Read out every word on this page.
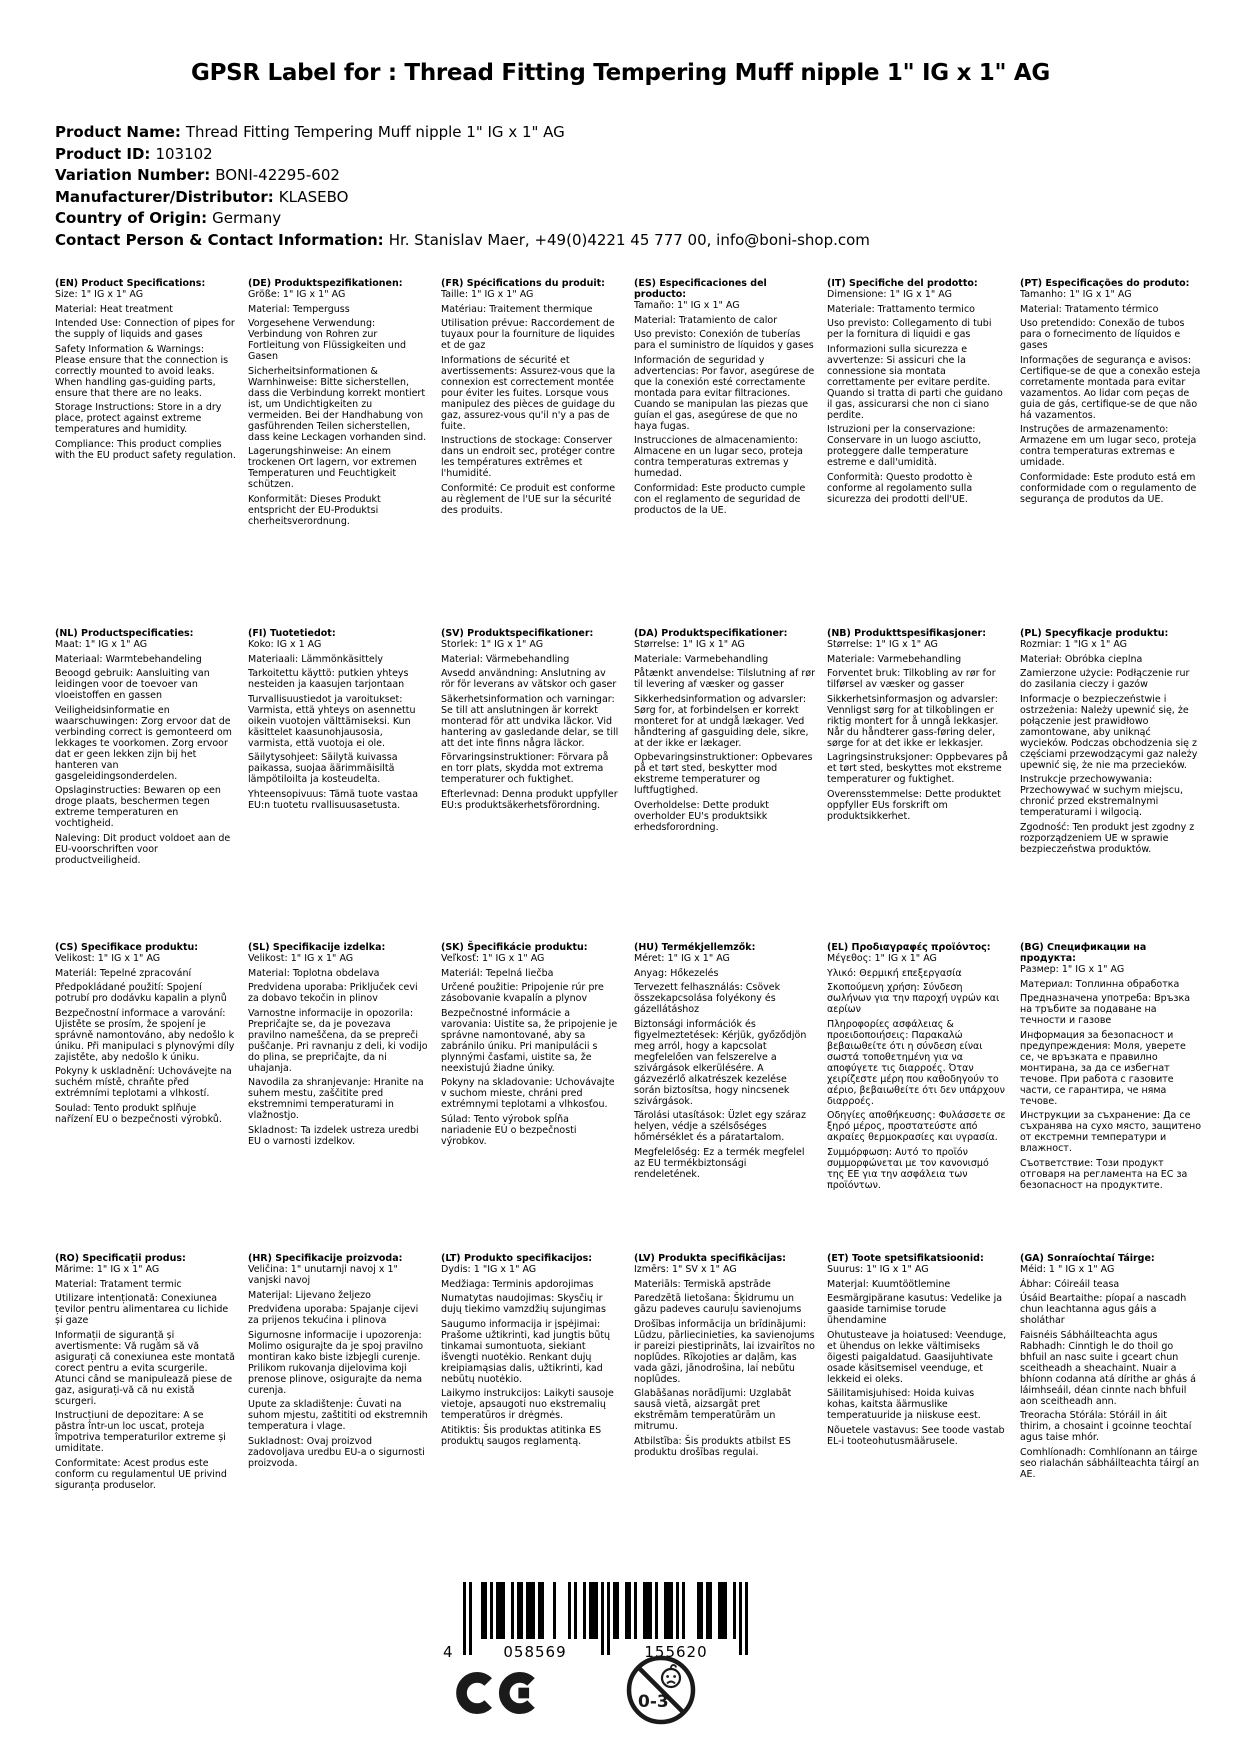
GPSR Label for : Thread Fitting Tempering Muff nipple 1" IG x 1" AG
Product Name: Thread Fitting Tempering Muff nipple 1" IG x 1" AG
Product ID: 103102
Variation Number: BONI-42295-602
Manufacturer/Distributor: KLASEBO
Country of Origin: Germany
Contact Person & Contact Information: Hr. Stanislav Maer, +49(0)4221 45 777 00, info@boni-shop.com
(EN) Product Specifications:

Size: 1" IG x 1" AG

Material: Heat treatment

Intended Use: Connection of pipes for the supply of liquids and gases

Safety Information & Warnings: Please ensure that the connection is correctly mounted to avoid leaks. When handling gas-guiding parts, ensure that there are no leaks.

Storage Instructions: Store in a dry place, protect against extreme temperatures and humidity.

Compliance: This product complies with the EU product safety regulation.

(DE) Produktspezifikationen:

Größe: 1" IG x 1" AG

Material: Temperguss

Vorgesehene Verwendung: Verbindung von Rohren zur Fortleitung von Flüssigkeiten und Gasen

Sicherheitsinformationen & Warnhinweise: Bitte sicherstellen, dass die Verbindung korrekt montiert ist, um Undichtigkeiten zu vermeiden. Bei der Handhabung von gasführenden Teilen sicherstellen, dass keine Leckagen vorhanden sind.

Lagerungshinweise: An einem trockenen Ort lagern, vor extremen Temperaturen und Feuchtigkeit schützen.

Konformität: Dieses Produkt entspricht der EU-Produktsi cherheitsverordnung.

(FR) Spécifications du produit:

Taille: 1" IG x 1" AG

Matériau: Traitement thermique

Utilisation prévue: Raccordement de tuyaux pour la fourniture de liquides et de gaz

Informations de sécurité et avertissements: Assurez-vous que la connexion est correctement montée pour éviter les fuites. Lorsque vous manipulez des pièces de guidage du gaz, assurez-vous qu'il n'y a pas de fuite.

Instructions de stockage: Conserver dans un endroit sec, protéger contre les températures extrêmes et l'humidité.

Conformité: Ce produit est conforme au règlement de l'UE sur la sécurité des produits.

(ES) Especificaciones del producto:

Tamaño: 1" IG x 1" AG

Material: Tratamiento de calor

Uso previsto: Conexión de tuberías para el suministro de líquidos y gases

Información de seguridad y advertencias: Por favor, asegúrese de que la conexión esté correctamente montada para evitar filtraciones. Cuando se manipulan las piezas que guían el gas, asegúrese de que no haya fugas.

Instrucciones de almacenamiento: Almacene en un lugar seco, proteja contra temperaturas extremas y humedad.

Conformidad: Este producto cumple con el reglamento de seguridad de productos de la UE.

(IT) Specifiche del prodotto:

Dimensione: 1" IG x 1" AG

Materiale: Trattamento termico

Uso previsto: Collegamento di tubi per la fornitura di liquidi e gas

Informazioni sulla sicurezza e avvertenze: Si assicuri che la connessione sia montata correttamente per evitare perdite. Quando si tratta di parti che guidano il gas, assicurarsi che non ci siano perdite.

Istruzioni per la conservazione: Conservare in un luogo asciutto, proteggere dalle temperature estreme e dall'umidità.

Conformità: Questo prodotto è conforme al regolamento sulla sicurezza dei prodotti dell'UE.

(PT) Especificações do produto:

Tamanho: 1" IG x 1" AG

Material: Tratamento térmico

Uso pretendido: Conexão de tubos para o fornecimento de líquidos e gases

Informações de segurança e avisos: Certifique-se de que a conexão esteja corretamente montada para evitar vazamentos. Ao lidar com peças de guia de gás, certifique-se de que não há vazamentos.

Instruções de armazenamento: Armazene em um lugar seco, proteja contra temperaturas extremas e umidade.

Conformidade: Este produto está em conformidade com o regulamento de segurança de produtos da UE.

(NL) Productspecificaties:

Maat: 1" IG x 1" AG

Materiaal: Warmtebehandeling

Beoogd gebruik: Aansluiting van leidingen voor de toevoer van vloeistoffen en gassen

Veiligheidsinformatie en waarschuwingen: Zorg ervoor dat de verbinding correct is gemonteerd om lekkages te voorkomen. Zorg ervoor dat er geen lekken zijn bij het hanteren van gasgeleidingsonderdelen.

Opslaginstructies: Bewaren op een droge plaats, beschermen tegen extreme temperaturen en vochtigheid.

Naleving: Dit product voldoet aan de EU-voorschriften voor productveiligheid.

(FI) Tuotetiedot:

Koko: IG x 1 AG

Materiaali: Lämmönkäsittely

Tarkoitettu käyttö: putkien yhteys nesteiden ja kaasujen tarjontaan

Turvallisuustiedot ja varoitukset: Varmista, että yhteys on asennettu oikein vuotojen välttämiseksi. Kun käsittelet kaasunohjausosia, varmista, että vuotoja ei ole.

Säilytysohjeet: Säilytä kuivassa paikassa, suojaa äärimmäisiltä lämpötiloilta ja kosteudelta.

Yhteensopivuus: Tämä tuote vastaa EU:n tuotetu rvallisuusasetusta.

(SV) Produktspecifikationer:

Storlek: 1" IG x 1" AG

Material: Värmebehandling

Avsedd användning: Anslutning av rör för leverans av vätskor och gaser

Säkerhetsinformation och varningar: Se till att anslutningen är korrekt monterad för att undvika läckor. Vid hantering av gasledande delar, se till att det inte finns några läckor.

Förvaringsinstruktioner: Förvara på en torr plats, skydda mot extrema temperaturer och fuktighet.

Efterlevnad: Denna produkt uppfyller EU:s produktsäkerhetsförordning.

(DA) Produktspecifikationer:

Størrelse: 1" IG x 1" AG

Materiale: Varmebehandling

Påtænkt anvendelse: Tilslutning af rør til levering af væsker og gasser

Sikkerhedsinformation og advarsler: Sørg for, at forbindelsen er korrekt monteret for at undgå lækager. Ved håndtering af gasguiding dele, sikre, at der ikke er lækager.

Opbevaringsinstruktioner: Opbevares på et tørt sted, beskytter mod ekstreme temperaturer og luftfugtighed.

Overholdelse: Dette produkt overholder EU's produktsikk erhedsforordning.

(NB) Produkttspesifikasjoner:

Størrelse: 1" IG x 1" AG

Materiale: Varmebehandling

Forventet bruk: Tilkobling av rør for tilførsel av væsker og gasser

Sikkerhetsinformasjon og advarsler: Vennligst sørg for at tilkoblingen er riktig montert for å unngå lekkasjer. Når du håndterer gass-føring deler, sørge for at det ikke er lekkasjer.

Lagringsinstruksjoner: Oppbevares på et tørt sted, beskyttes mot ekstreme temperaturer og fuktighet.

Overensstemmelse: Dette produktet oppfyller EUs forskrift om produktsikkerhet.

(PL) Specyfikacje produktu:

Rozmiar: 1 "IG x 1" AG

Materiał: Obróbka cieplna

Zamierzone użycie: Podłączenie rur do zasilania cieczy i gazów

Informacje o bezpieczeństwie i ostrzeżenia: Należy upewnić się, że połączenie jest prawidłowo zamontowane, aby uniknąć wycieków. Podczas obchodzenia się z częściami przewodzącymi gaz należy upewnić się, że nie ma przecieków.

Instrukcje przechowywania: Przechowywać w suchym miejscu, chronić przed ekstremalnymi temperaturami i wilgocią.

Zgodność: Ten produkt jest zgodny z rozporządzeniem UE w sprawie bezpieczeństwa produktów.

(CS) Specifikace produktu:

Velikost: 1" IG x 1" AG

Materiál: Tepelné zpracování

Předpokládané použití: Spojení potrubí pro dodávku kapalin a plynů

Bezpečnostní informace a varování: Ujistěte se prosím, že spojení je správně namontováno, aby nedošlo k úniku. Při manipulaci s plynovými díly zajistěte, aby nedošlo k úniku.

Pokyny k uskladnění: Uchovávejte na suchém místě, chraňte před extrémními teplotami a vlhkostí.

Soulad: Tento produkt splňuje nařízení EU o bezpečnosti výrobků.

(SL) Specifikacije izdelka:

Velikost: 1" IG x 1" AG

Material: Toplotna obdelava

Predvidena uporaba: Priključek cevi za dobavo tekočin in plinov

Varnostne informacije in opozorila: Prepričajte se, da je povezava pravilno nameščena, da se prepreči puščanje. Pri ravnanju z deli, ki vodijo do plina, se prepričajte, da ni uhajanja.

Navodila za shranjevanje: Hranite na suhem mestu, zaščitite pred ekstremnimi temperaturami in vlažnostjo.

Skladnost: Ta izdelek ustreza uredbi EU o varnosti izdelkov.

(SK) Špecifikácie produktu:

Veľkosť: 1" IG x 1" AG

Materiál: Tepelná liečba

Určené použitie: Pripojenie rúr pre zásobovanie kvapalín a plynov

Bezpečnostné informácie a varovania: Uistite sa, že pripojenie je správne namontované, aby sa zabránilo úniku. Pri manipulácii s plynnými časťami, uistite sa, že neexistujú žiadne úniky.

Pokyny na skladovanie: Uchovávajte v suchom mieste, chráni pred extrémnymi teplotami a vlhkosťou.

Súlad: Tento výrobok spĺňa nariadenie EÚ o bezpečnosti výrobkov.

(HU) Termékjellemzők:

Méret: 1" IG x 1" AG

Anyag: Hőkezelés

Tervezett felhasználás: Csövek összekapcsolása folyékony és gázellátáshoz

Biztonsági információk és figyelmeztetések: Kérjük, győződjön meg arról, hogy a kapcsolat megfelelően van felszerelve a szivárgások elkerülésére. A gázvezérlő alkatrészek kezelése során biztosítsa, hogy nincsenek szivárgások.

Tárolási utasítások: Üzlet egy száraz helyen, védje a szélsőséges hőmérséklet és a páratartalom.

Megfelelőség: Ez a termék megfelel az EU termékbiztonsági rendeletének.

(EL) Προδιαγραφές προϊόντος:

Μέγεθος: 1" IG x 1" AG

Υλικό: Θερμική επεξεργασία

Σκοπούμενη χρήση: Σύνδεση σωλήνων για την παροχή υγρών και αερίων

Πληροφορίες ασφάλειας & προειδοποιήσεις: Παρακαλώ βεβαιωθείτε ότι η σύνδεση είναι σωστά τοποθετημένη για να αποφύγετε τις διαρροές. Όταν χειρίζεστε μέρη που καθοδηγούν το αέριο, βεβαιωθείτε ότι δεν υπάρχουν διαρροές.

Οδηγίες αποθήκευσης: Φυλάσσετε σε ξηρό μέρος, προστατεύστε από ακραίες θερμοκρασίες και υγρασία.

Συμμόρφωση: Αυτό το προϊόν συμμορφώνεται με τον κανονισμό της ΕΕ για την ασφάλεια των προϊόντων.

(BG) Спецификации на продукта:

Размер: 1" IG x 1" AG

Материал: Топлинна обработка

Предназначена употреба: Връзка на тръбите за подаване на течности и газове

Информация за безопасност и предупреждения: Моля, уверете се, че връзката е правилно монтирана, за да се избегнат течове. При работа с газовите части, се гарантира, че няма течове.

Инструкции за съхранение: Да се съхранява на сухо място, защитено от екстремни температури и влажност.

Съответствие: Този продукт отговаря на регламента на ЕС за безопасност на продуктите.

(RO) Specificații produs:

Mărime: 1" IG x 1" AG

Material: Tratament termic

Utilizare intenționată: Conexiunea țevilor pentru alimentarea cu lichide și gaze

Informații de siguranță și avertismente: Vă rugăm să vă asigurați că conexiunea este montată corect pentru a evita scurgerile. Atunci când se manipulează piese de gaz, asigurați-vă că nu există scurgeri.

Instrucțiuni de depozitare: A se păstra într-un loc uscat, proteja împotriva temperaturilor extreme și umiditate.

Conformitate: Acest produs este conform cu regulamentul UE privind siguranța produselor.

(HR) Specifikacije proizvoda:

Veličina: 1" unutarnji navoj x 1" vanjski navoj

Materijal: Lijevano željezo

Predviđena uporaba: Spajanje cijevi za prijenos tekućina i plinova

Sigurnosne informacije i upozorenja: Molimo osigurajte da je spoj pravilno montiran kako biste izbjegli curenje. Prilikom rukovanja dijelovima koji prenose plinove, osigurajte da nema curenja.

Upute za skladištenje: Čuvati na suhom mjestu, zaštititi od ekstremnih temperatura i vlage.

Sukladnost: Ovaj proizvod zadovoljava uredbu EU-a o sigurnosti proizvoda.

(LT) Produkto specifikacijos:

Dydis: 1 "IG x 1" AG

Medžiaga: Terminis apdorojimas

Numatytas naudojimas: Skysčių ir dujų tiekimo vamzdžių sujungimas

Saugumo informacija ir įspėjimai: Prašome užtikrinti, kad jungtis būtų tinkamai sumontuota, siekiant išvengti nuotėkio. Renkant dujų kreipiamąsias dalis, užtikrinti, kad nebūtų nuotėkio.

Laikymo instrukcijos: Laikyti sausoje vietoje, apsaugoti nuo ekstremalių temperatūros ir drėgmės.

Atitiktis: Šis produktas atitinka ES produktų saugos reglamentą.

(LV) Produkta specifikācijas:

Izmērs: 1" SV x 1" AG

Materiāls: Termiskā apstrāde

Paredzētā lietošana: Šķidrumu un gāzu padeves cauruļu savienojums

Drošības informācija un brīdinājumi: Lūdzu, pārliecinieties, ka savienojums ir pareizi piestiprināts, lai izvairītos no noplūdes. Rīkojoties ar daļām, kas vada gāzi, jānodrošina, lai nebūtu noplūdes.

Glabāšanas norādījumi: Uzglabāt sausā vietā, aizsargāt pret ekstrēmām temperatūrām un mitrumu.

Atbilstība: Šis produkts atbilst ES produktu drošības regulai.

(ET) Toote spetsifikatsioonid:

Suurus: 1" IG x 1" AG

Materjal: Kuumtöötlemine

Eesmärgipärane kasutus: Vedelike ja gaaside tarnimise torude ühendamine

Ohutusteave ja hoiatused: Veenduge, et ühendus on lekke vältimiseks õigesti paigaldatud. Gaasijuhtivate osade käsitsemisel veenduge, et lekkeid ei oleks.

Säilitamisjuhised: Hoida kuivas kohas, kaitsta äärmuslike temperatuuride ja niiskuse eest.

Nõuetele vastavus: See toode vastab EL-i tooteohutusmäärusele.

(GA) Sonraíochtaí Táirge:

Méid: 1 " IG x 1" AG

Ábhar: Cóireáil teasa

Úsáid Beartaithe: píopaí a nascadh chun leachtanna agus gáis a sholáthar

Faisnéis Sábháilteachta agus Rabhadh: Cinntigh le do thoil go bhfuil an nasc suite i gceart chun sceitheadh a sheachaint. Nuair a bhíonn codanna atá dírithe ar ghás á láimhseáil, déan cinnte nach bhfuil aon sceitheadh ann.

Treoracha Stórála: Stóráil in áit thirim, a chosaint i gcoinne teochtaí agus taise mhór.

Comhlíonadh: Comhlíonann an táirge seo rialachán sábháilteachta táirgí an AE.

4	058569	155620
0-3
